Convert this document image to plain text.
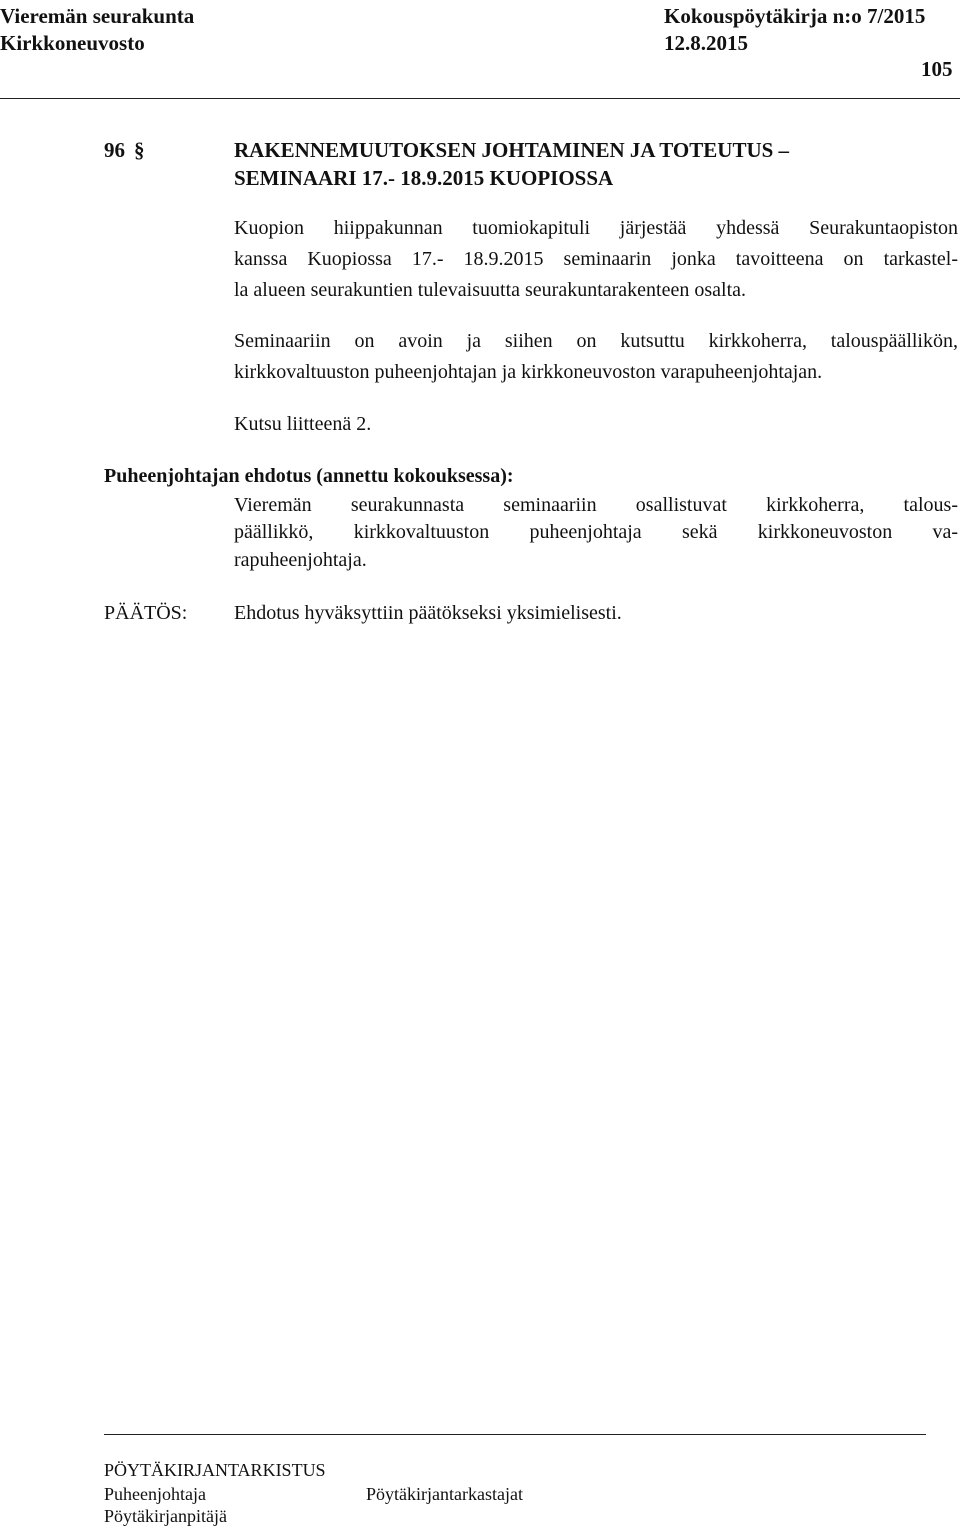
Vieremän seurakunta	Kokouspöytäkirja n:o 7/2015
Kirkkoneuvosto	12.8.2015
105
96 §	RAKENNEMUUTOKSEN JOHTAMINEN JA TOTEUTUS –
SEMINAARI 17.- 18.9.2015 KUOPIOSSA
Kuopion hiippakunnan tuomiokapituli järjestää yhdessä Seurakuntaopiston
kanssa Kuopiossa 17.- 18.9.2015 seminaarin jonka tavoitteena on tarkastel-
la alueen seurakuntien tulevaisuutta seurakuntarakenteen osalta.
Seminaariin on avoin ja siihen on kutsuttu kirkkoherra, talouspäällikön,
kirkkovaltuuston puheenjohtajan ja kirkkoneuvoston varapuheenjohtajan.
Kutsu liitteenä 2.
Puheenjohtajan ehdotus (annettu kokouksessa):
Vieremän seurakunnasta seminaariin osallistuvat kirkkoherra, talous-
päällikkö, kirkkovaltuuston puheenjohtaja sekä kirkkoneuvoston va-
rapuheenjohtaja.
PÄÄTÖS: Ehdotus hyväksyttiin päätökseksi yksimielisesti.
PÖYTÄKIRJANTARKISTUS
Puheenjohtaja	Pöytäkirjantarkastajat
Pöytäkirjanpitäjä
